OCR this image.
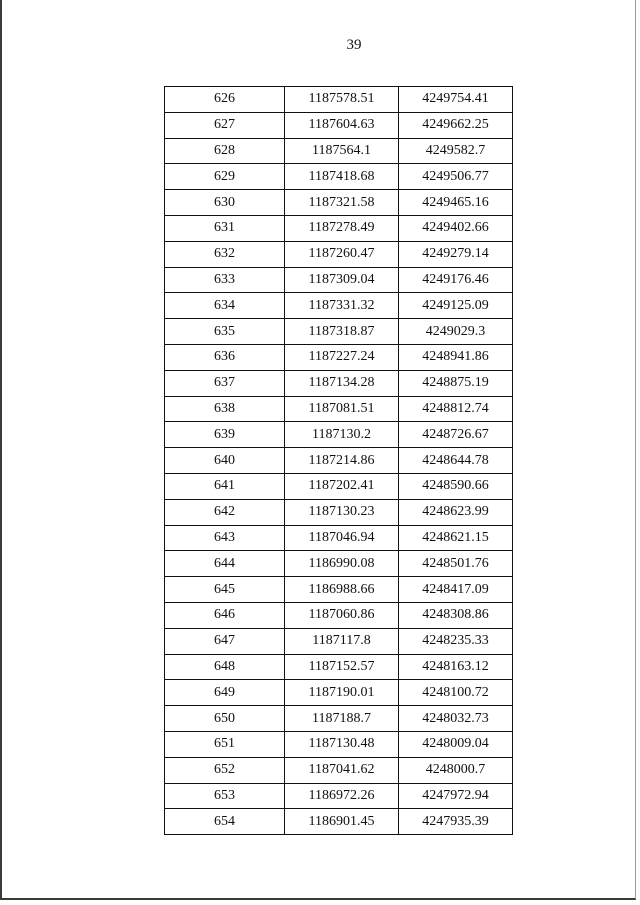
39
626	1187578.51	4249754.41
627	1187604.63	4249662.25
628	1187564.1	4249582.7
629	1187418.68	4249506.77
630	1187321.58	4249465.16
631	1187278.49	4249402.66
632	1187260.47	4249279.14
633	1187309.04	4249176.46
634	1187331.32	4249125.09
635	1187318.87	4249029.3
636	1187227.24	4248941.86
637	1187134.28	4248875.19
638	1187081.51	4248812.74
639	1187130.2	4248726.67
640	1187214.86	4248644.78
641	1187202.41	4248590.66
642	1187130.23	4248623.99
643	1187046.94	4248621.15
644	1186990.08	4248501.76
645	1186988.66	4248417.09
646	1187060.86	4248308.86
647	1187117.8	4248235.33
648	1187152.57	4248163.12
649	1187190.01	4248100.72
650	1187188.7	4248032.73
651	1187130.48	4248009.04
652	1187041.62	4248000.7
653	1186972.26	4247972.94
654	1186901.45	4247935.39
